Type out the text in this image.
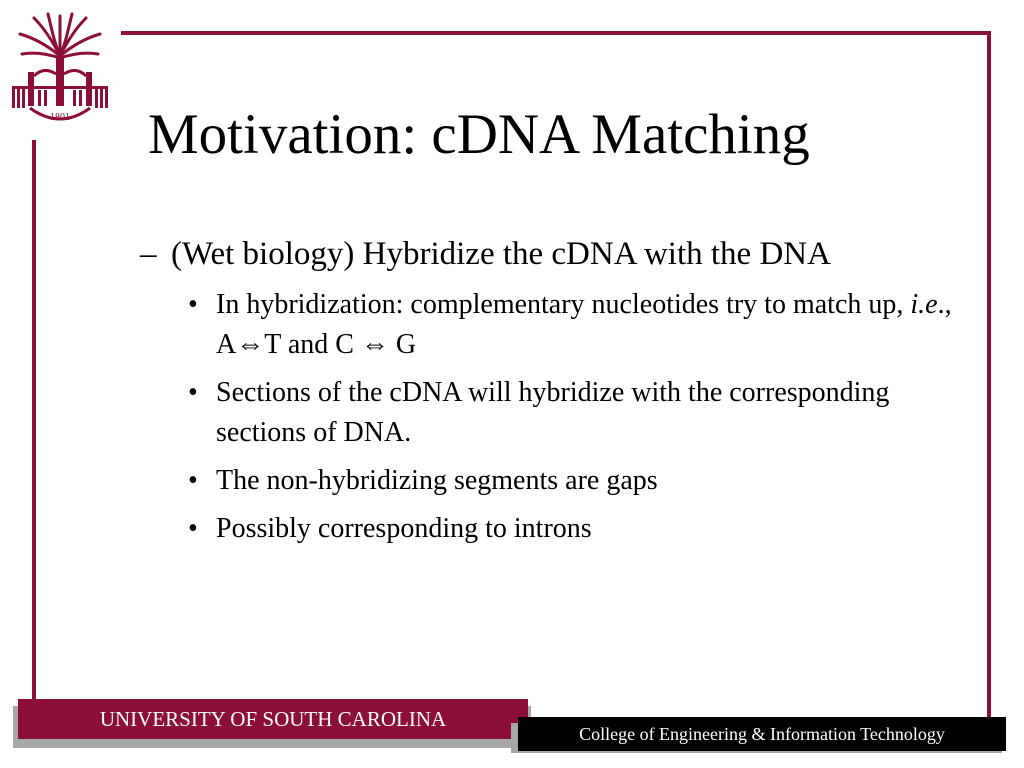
1801 Motivation: cDNA Matching
– (Wet biology) Hybridize the cDNA with the DNA
• In hybridization: complementary nucleotides try to match up, i.e., A⇔T and C ⇔ G
• Sections of the cDNA will hybridize with the corresponding sections of DNA.
• The non-hybridizing segments are gaps
• Possibly corresponding to introns
UNIVERSITY OF SOUTH CAROLINA
College of Engineering & Information Technology
